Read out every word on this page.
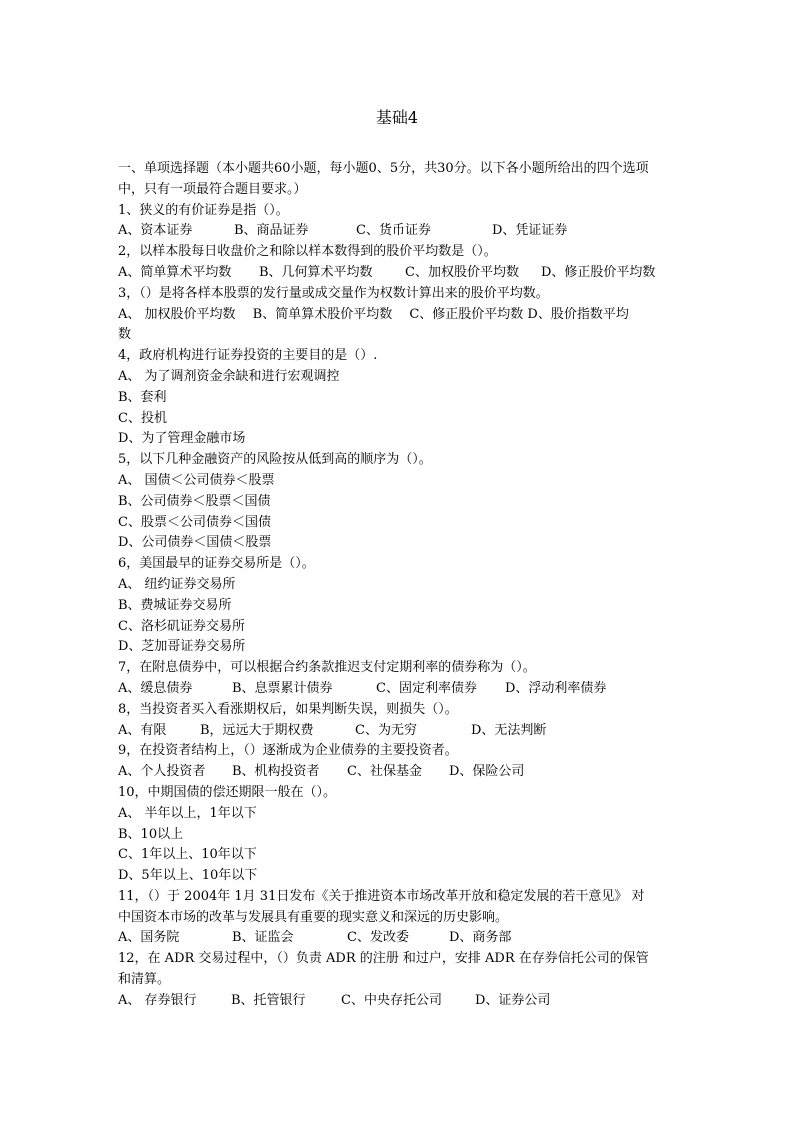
基础4
一、单项选择题（本小题共60小题，每小题0、5分，共30分。以下各小题所给出的四个选项
中，只有一项最符合题目要求。）
1、狭义的有价证券是指（）。
A、资本证券	B、商品证券	C、货币证券	D、凭证证券
2，以样本股每日收盘价之和除以样本数得到的股价平均数是（）。
A、简单算术平均数	B、几何算术平均数	C、加权股价平均数	D、修正股价平均数
3，（）是将各样本股票的发行量或成交量作为权数计算出来的股价平均数。
A、 加权股价平均数　 B、简单算术股价平均数　 C、修正股价平均数 D、股价指数平均
数
4，政府机构进行证券投资的主要目的是（）.
A、 为了调剂资金余缺和进行宏观调控
B、套利
C、投机
D、为了管理金融市场
5，以下几种金融资产的风险按从低到高的顺序为（）。
A、 国债＜公司债券＜股票
B、公司债券＜股票＜国债
C、股票＜公司债券＜国债
D、公司债券＜国债＜股票
6，美国最早的证券交易所是（）。
A、 纽约证券交易所
B、费城证券交易所
C、洛杉矶证券交易所
D、芝加哥证券交易所
7，在附息债券中，可以根据合约条款推迟支付定期利率的债券称为（）。
A、缓息债券	B、息票累计债券	C、固定利率债券	D、浮动利率债券
8，当投资者买入看涨期权后，如果判断失误，则损失（）。
A、有限	B，远远大于期权费	C、为无穷	D、无法判断
9，在投资者结构上，（）逐渐成为企业债券的主要投资者。
A、个人投资者	B、机构投资者	C、社保基金	D、保险公司
10，中期国债的偿还期限一般在（）。
A、 半年以上，1年以下
B、10以上
C、1年以上、10年以下
D、5年以上、10年以下
11，（）于 2004年 1月 31日发布《关于推进资本市场改革开放和稳定发展的若干意见》 对
中国资本市场的改革与发展具有重要的现实意义和深远的历史影响。
A、国务院	B、证监会	C、发改委	D、商务部
12，在 ADR 交易过程中，（）负责 ADR 的注册 和过户，安排 ADR 在存券信托公司的保管
和清算。
A、 存券银行	B、托管银行	C、中央存托公司	D、证券公司
